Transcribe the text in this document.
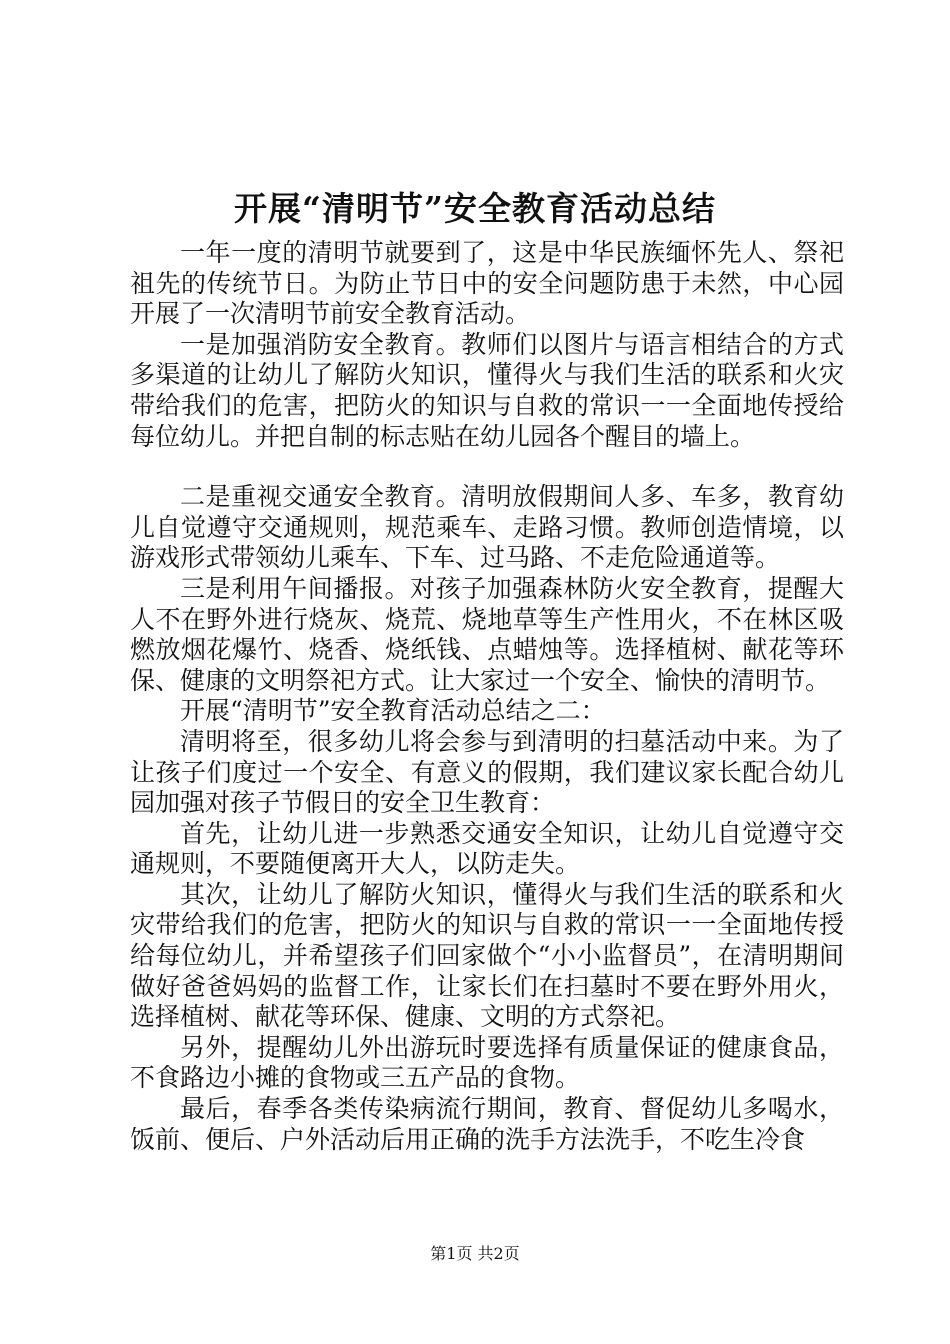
开展“清明节”安全教育活动总结

一年一度的清明节就要到了，这是中华民族缅怀先人、祭祀祖先的传统节日。为防止节日中的安全问题防患于未然，中心园开展了一次清明节前安全教育活动。

一是加强消防安全教育。教师们以图片与语言相结合的方式多渠道的让幼儿了解防火知识，懂得火与我们生活的联系和火灾带给我们的危害，把防火的知识与自救的常识一一全面地传授给每位幼儿。并把自制的标志贴在幼儿园各个醒目的墙上。

二是重视交通安全教育。清明放假期间人多、车多，教育幼儿自觉遵守交通规则，规范乘车、走路习惯。教师创造情境，以游戏形式带领幼儿乘车、下车、过马路、不走危险通道等。

三是利用午间播报。对孩子加强森林防火安全教育，提醒大人不在野外进行烧灰、烧荒、烧地草等生产性用火，不在林区吸燃放烟花爆竹、烧香、烧纸钱、点蜡烛等。选择植树、献花等环保、健康的文明祭祀方式。让大家过一个安全、愉快的清明节。

开展“清明节”安全教育活动总结之二：

清明将至，很多幼儿将会参与到清明的扫墓活动中来。为了让孩子们度过一个安全、有意义的假期，我们建议家长配合幼儿园加强对孩子节假日的安全卫生教育：

首先，让幼儿进一步熟悉交通安全知识，让幼儿自觉遵守交通规则，不要随便离开大人，以防走失。

其次，让幼儿了解防火知识，懂得火与我们生活的联系和火灾带给我们的危害，把防火的知识与自救的常识一一全面地传授给每位幼儿，并希望孩子们回家做个“小小监督员”，在清明期间做好爸爸妈妈的监督工作，让家长们在扫墓时不要在野外用火，选择植树、献花等环保、健康、文明的方式祭祀。

另外，提醒幼儿外出游玩时要选择有质量保证的健康食品，不食路边小摊的食物或三五产品的食物。

最后，春季各类传染病流行期间，教育、督促幼儿多喝水，饭前、便后、户外活动后用正确的洗手方法洗手，不吃生冷食

第1页 共2页
